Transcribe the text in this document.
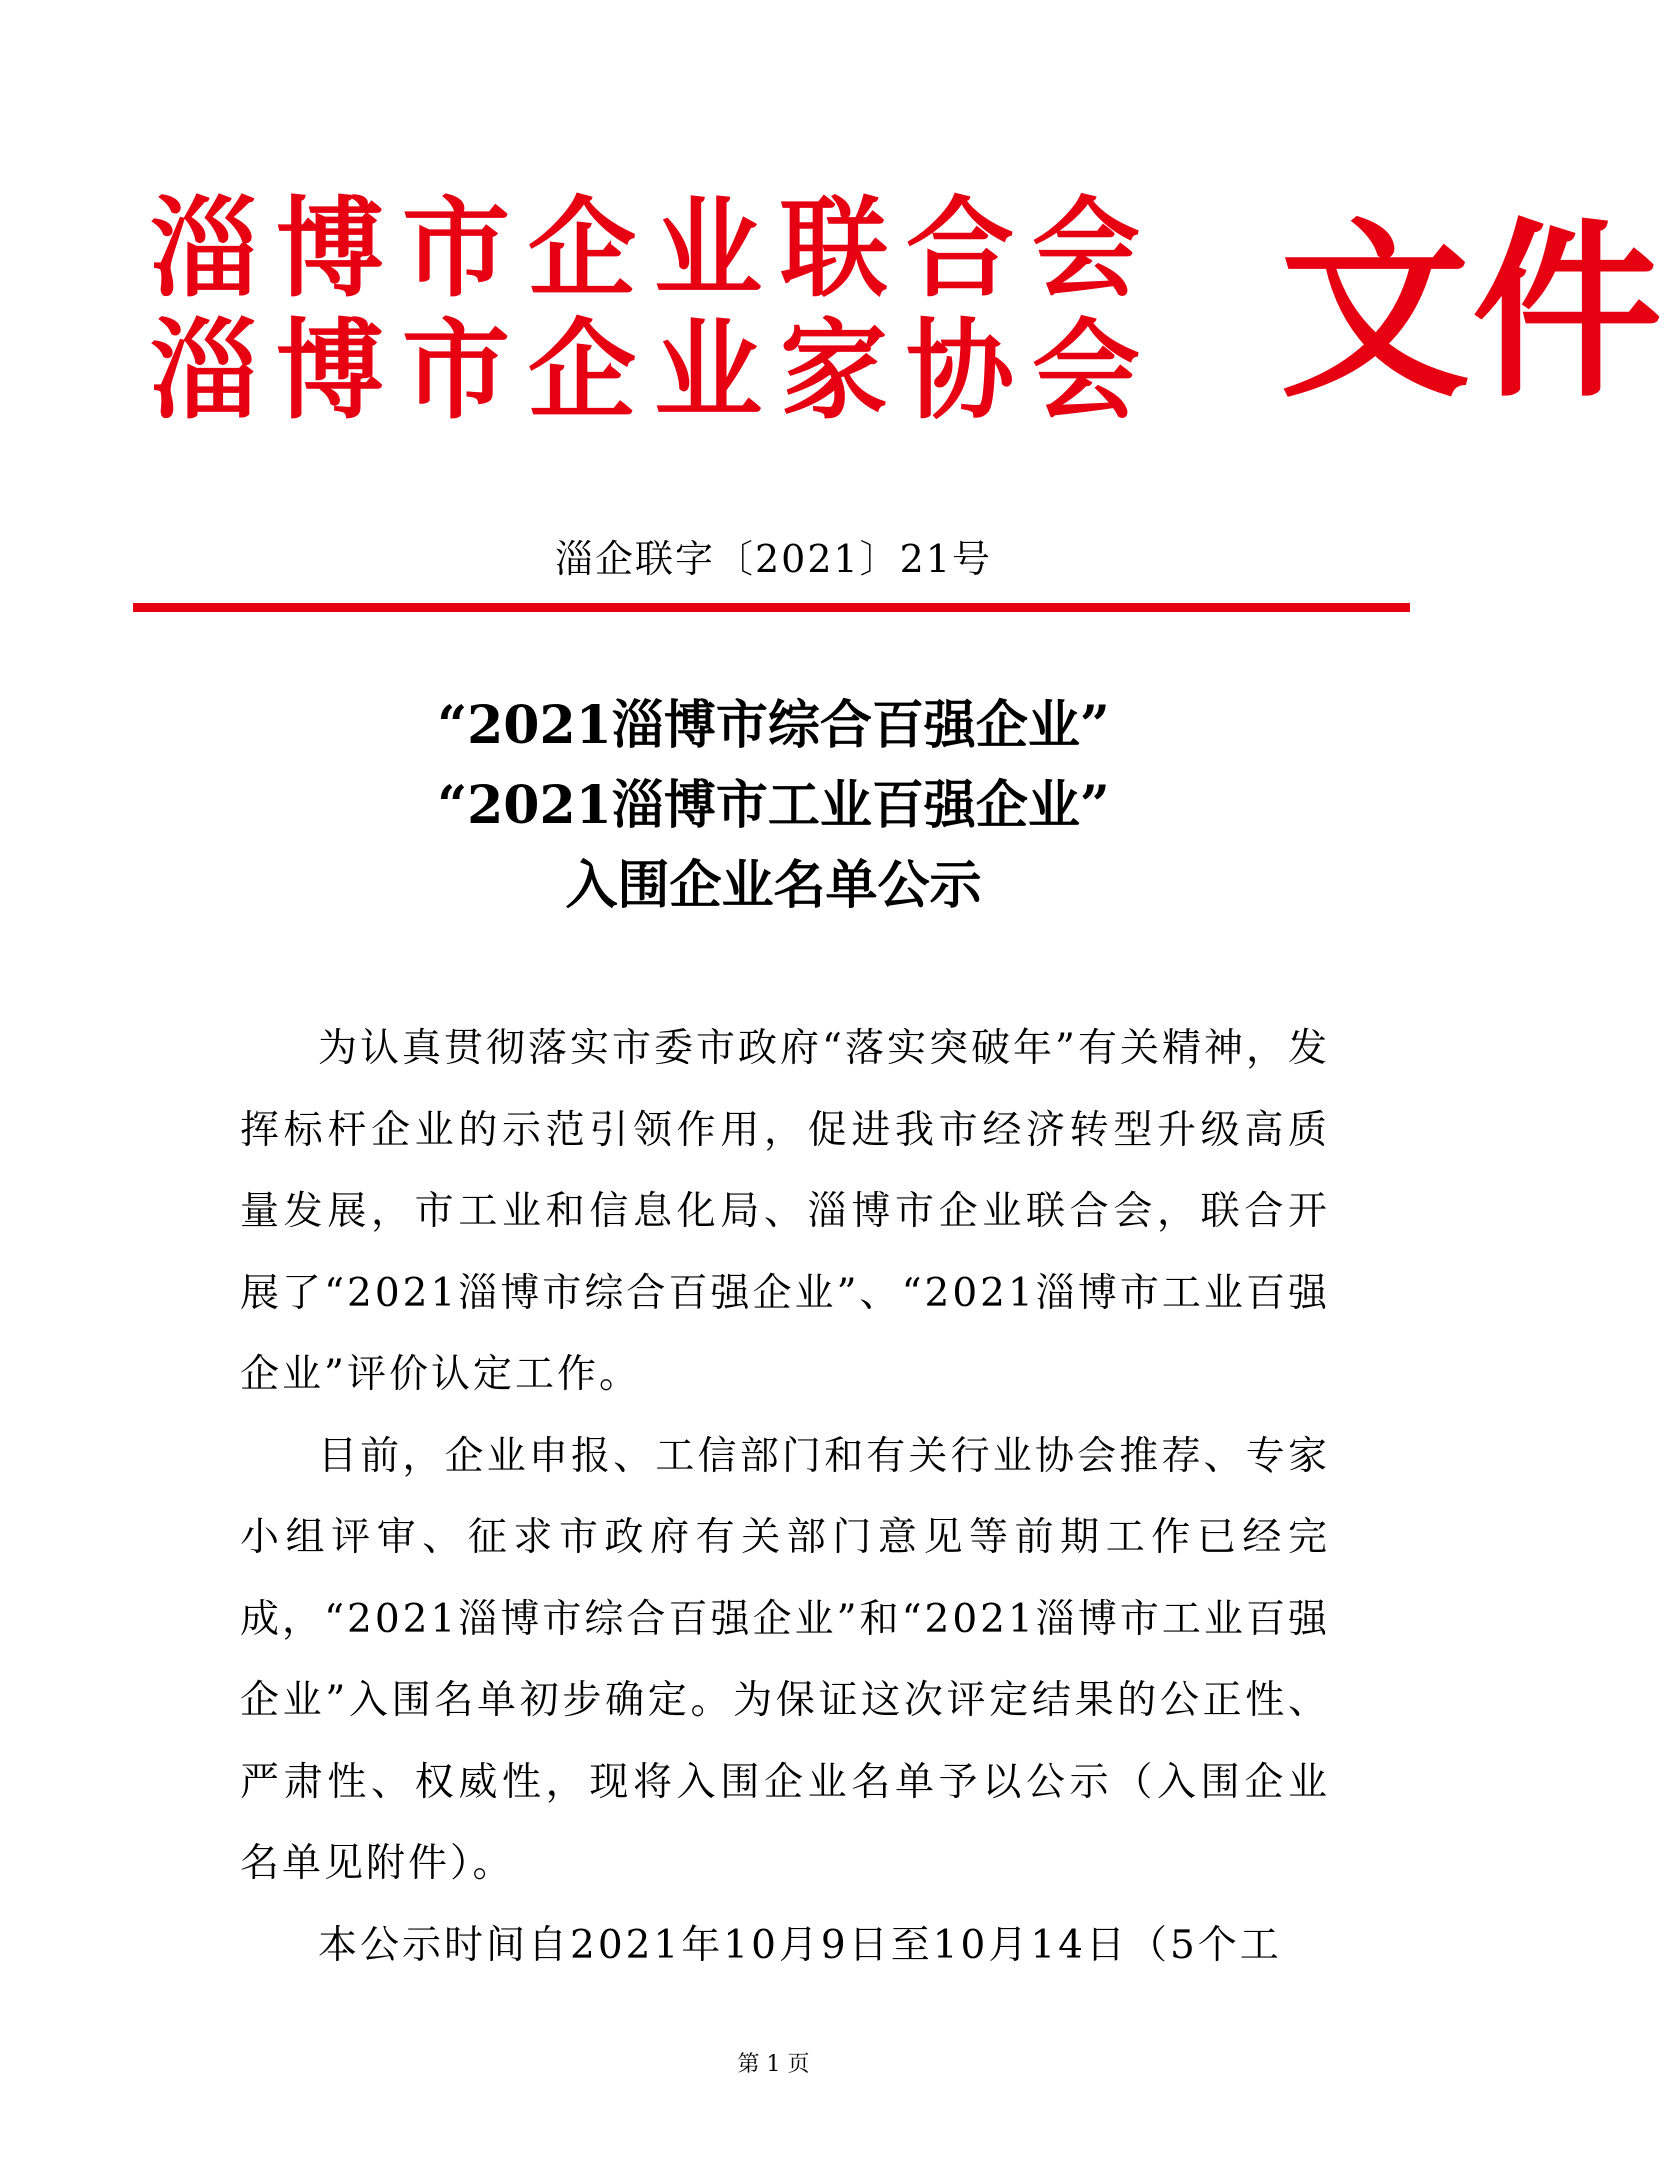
淄博市企业联合会
淄博市企业家协会 文件
淄企联字〔2021〕21号
“2021淄博市综合百强企业”
“2021淄博市工业百强企业”
入围企业名单公示

为认真贯彻落实市委市政府“落实突破年”有关精神，发挥标杆企业的示范引领作用，促进我市经济转型升级高质量发展，市工业和信息化局、淄博市企业联合会，联合开展了“2021淄博市综合百强企业”、“2021淄博市工业百强企业”评价认定工作。

目前，企业申报、工信部门和有关行业协会推荐、专家小组评审、征求市政府有关部门意见等前期工作已经完成，“2021淄博市综合百强企业”和“2021淄博市工业百强企业”入围名单初步确定。为保证这次评定结果的公正性、严肃性、权威性，现将入围企业名单予以公示（入围企业名单见附件）。

本公示时间自2021年10月9日至10月14日（5个工

第 1 页
